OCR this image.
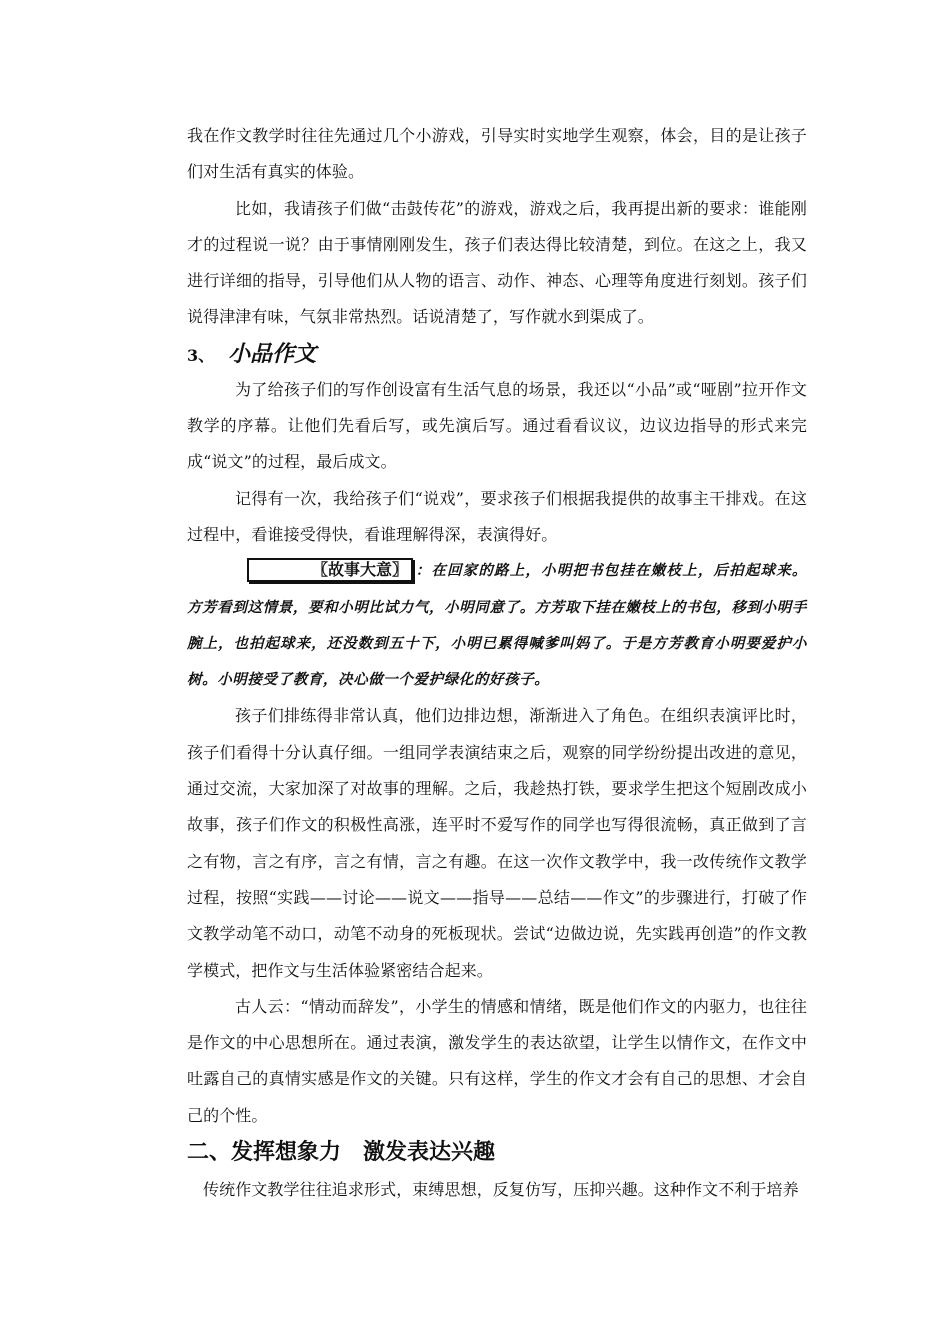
我在作文教学时往往先通过几个小游戏，引导实时实地学生观察，体会，目的是让孩子们对生活有真实的体验。

比如，我请孩子们做“击鼓传花”的游戏，游戏之后，我再提出新的要求：谁能刚才的过程说一说？由于事情刚刚发生，孩子们表达得比较清楚，到位。在这之上，我又进行详细的指导，引导他们从人物的语言、动作、神态、心理等角度进行刻划。孩子们说得津津有味，气氛非常热烈。话说清楚了，写作就水到渠成了。

3、 小品作文

为了给孩子们的写作创设富有生活气息的场景，我还以“小品”或“哑剧”拉开作文教学的序幕。让他们先看后写，或先演后写。通过看看议议，边议边指导的形式来完成“说文”的过程，最后成文。

记得有一次，我给孩子们“说戏”，要求孩子们根据我提供的故事主干排戏。在这过程中，看谁接受得快，看谁理解得深，表演得好。

〖故事大意〗 ：在回家的路上，小明把书包挂在嫩枝上，后拍起球来。方芳看到这情景，要和小明比试力气，小明同意了。方芳取下挂在嫩枝上的书包，移到小明手腕上，也拍起球来，还没数到五十下，小明已累得喊爹叫妈了。于是方芳教育小明要爱护小树。小明接受了教育，决心做一个爱护绿化的好孩子。

孩子们排练得非常认真，他们边排边想，渐渐进入了角色。在组织表演评比时，孩子们看得十分认真仔细。一组同学表演结束之后，观察的同学纷纷提出改进的意见，通过交流，大家加深了对故事的理解。之后，我趁热打铁，要求学生把这个短剧改成小故事，孩子们作文的积极性高涨，连平时不爱写作的同学也写得很流畅，真正做到了言之有物，言之有序，言之有情，言之有趣。在这一次作文教学中，我一改传统作文教学过程，按照“实践——讨论——说文——指导——总结——作文”的步骤进行，打破了作文教学动笔不动口，动笔不动身的死板现状。尝试“边做边说，先实践再创造”的作文教学模式，把作文与生活体验紧密结合起来。

古人云：“情动而辞发”，小学生的情感和情绪，既是他们作文的内驱力，也往往是作文的中心思想所在。通过表演，激发学生的表达欲望，让学生以情作文，在作文中吐露自己的真情实感是作文的关键。只有这样，学生的作文才会有自己的思想、才会自己的个性。

二、发挥想象力　激发表达兴趣

传统作文教学往往追求形式，束缚思想，反复仿写，压抑兴趣。这种作文不利于培养
